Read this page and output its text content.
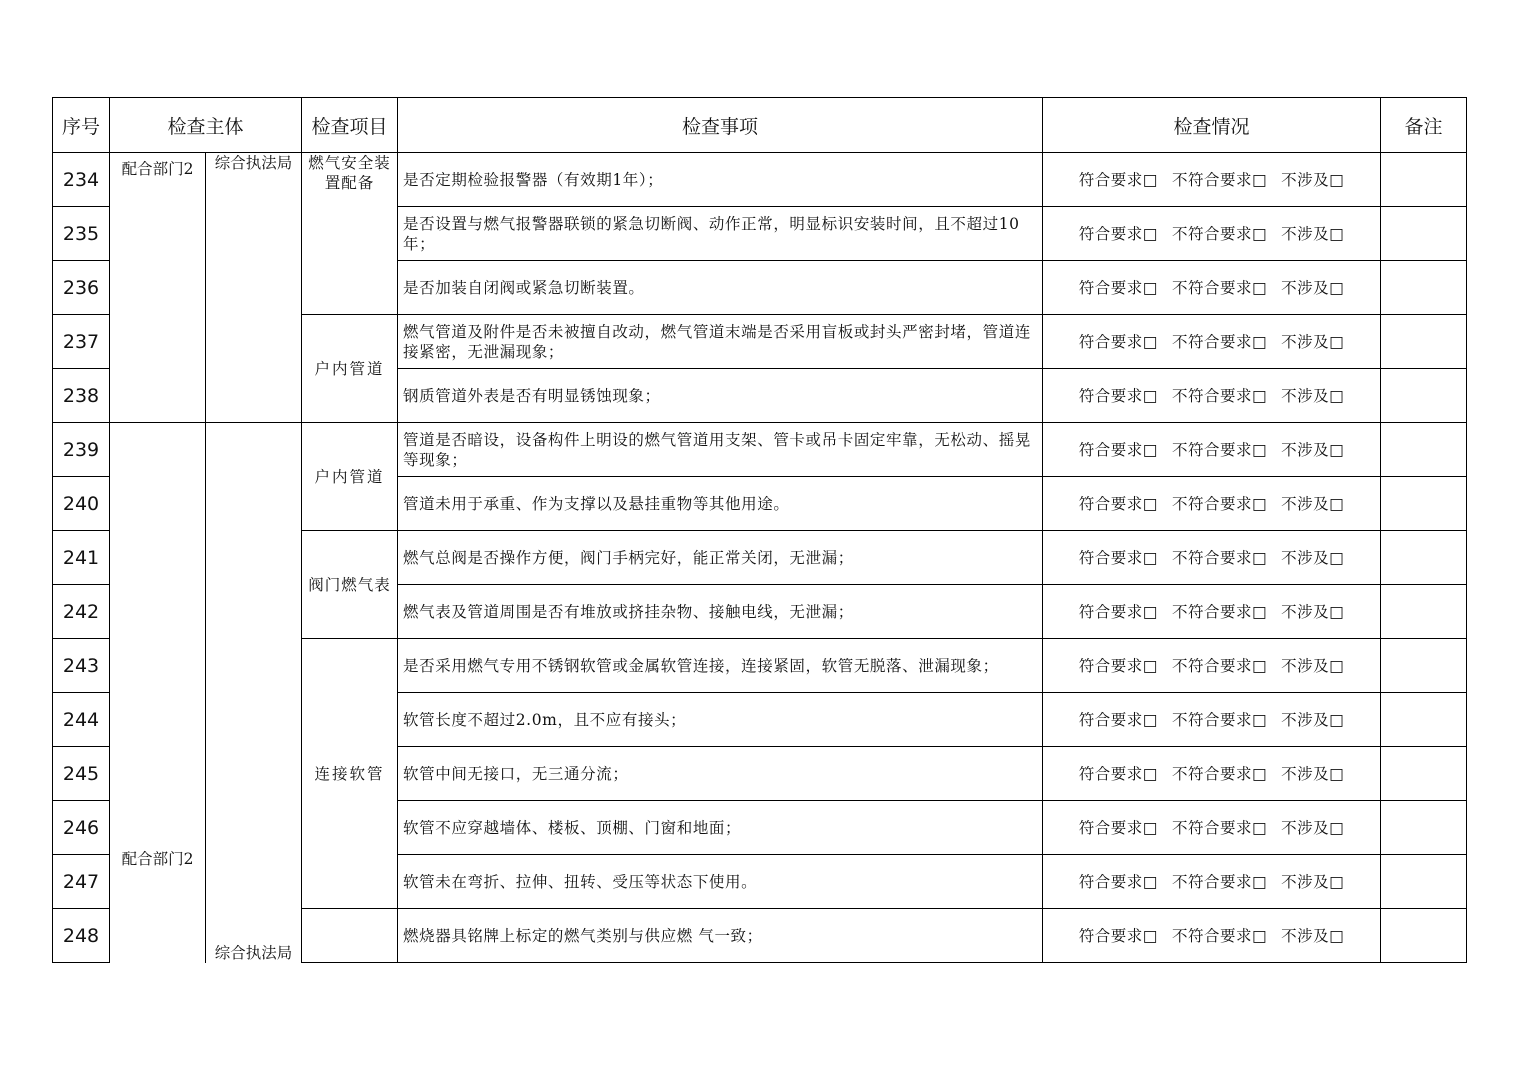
序号	检查主体		检查项目	检查事项	检查情况	备注
234	配合部门2	综合执法局	燃气安全装置配备	是否定期检验报警器（有效期1年）；	符合要求□ 不符合要求□ 不涉及□	
235				是否设置与燃气报警器联锁的紧急切断阀、动作正常，明显标识安装时间，且不超过10年；	符合要求□ 不符合要求□ 不涉及□	
236				是否加装自闭阀或紧急切断装置。	符合要求□ 不符合要求□ 不涉及□	
237			户内管道	燃气管道及附件是否未被擅自改动，燃气管道末端是否采用盲板或封头严密封堵，管道连接紧密，无泄漏现象；	符合要求□ 不符合要求□ 不涉及□	
238				钢质管道外表是否有明显锈蚀现象；	符合要求□ 不符合要求□ 不涉及□	
239	配合部门2	综合执法局	户内管道	管道是否暗设，设备构件上明设的燃气管道用支架、管卡或吊卡固定牢靠，无松动、摇晃等现象；	符合要求□ 不符合要求□ 不涉及□	
240				管道未用于承重、作为支撑以及悬挂重物等其他用途。	符合要求□ 不符合要求□ 不涉及□	
241			阀门燃气表	燃气总阀是否操作方便，阀门手柄完好，能正常关闭，无泄漏；	符合要求□ 不符合要求□ 不涉及□	
242				燃气表及管道周围是否有堆放或挤挂杂物、接触电线，无泄漏；	符合要求□ 不符合要求□ 不涉及□	
243			连接软管	是否采用燃气专用不锈钢软管或金属软管连接，连接紧固，软管无脱落、泄漏现象；	符合要求□ 不符合要求□ 不涉及□	
244				软管长度不超过2.0m，且不应有接头；	符合要求□ 不符合要求□ 不涉及□	
245				软管中间无接口，无三通分流；	符合要求□ 不符合要求□ 不涉及□	
246				软管不应穿越墙体、楼板、顶棚、门窗和地面；	符合要求□ 不符合要求□ 不涉及□	
247				软管未在弯折、拉伸、扭转、受压等状态下使用。	符合要求□ 不符合要求□ 不涉及□	
248				燃烧器具铭牌上标定的燃气类别与供应燃 气一致；	符合要求□ 不符合要求□ 不涉及□	
